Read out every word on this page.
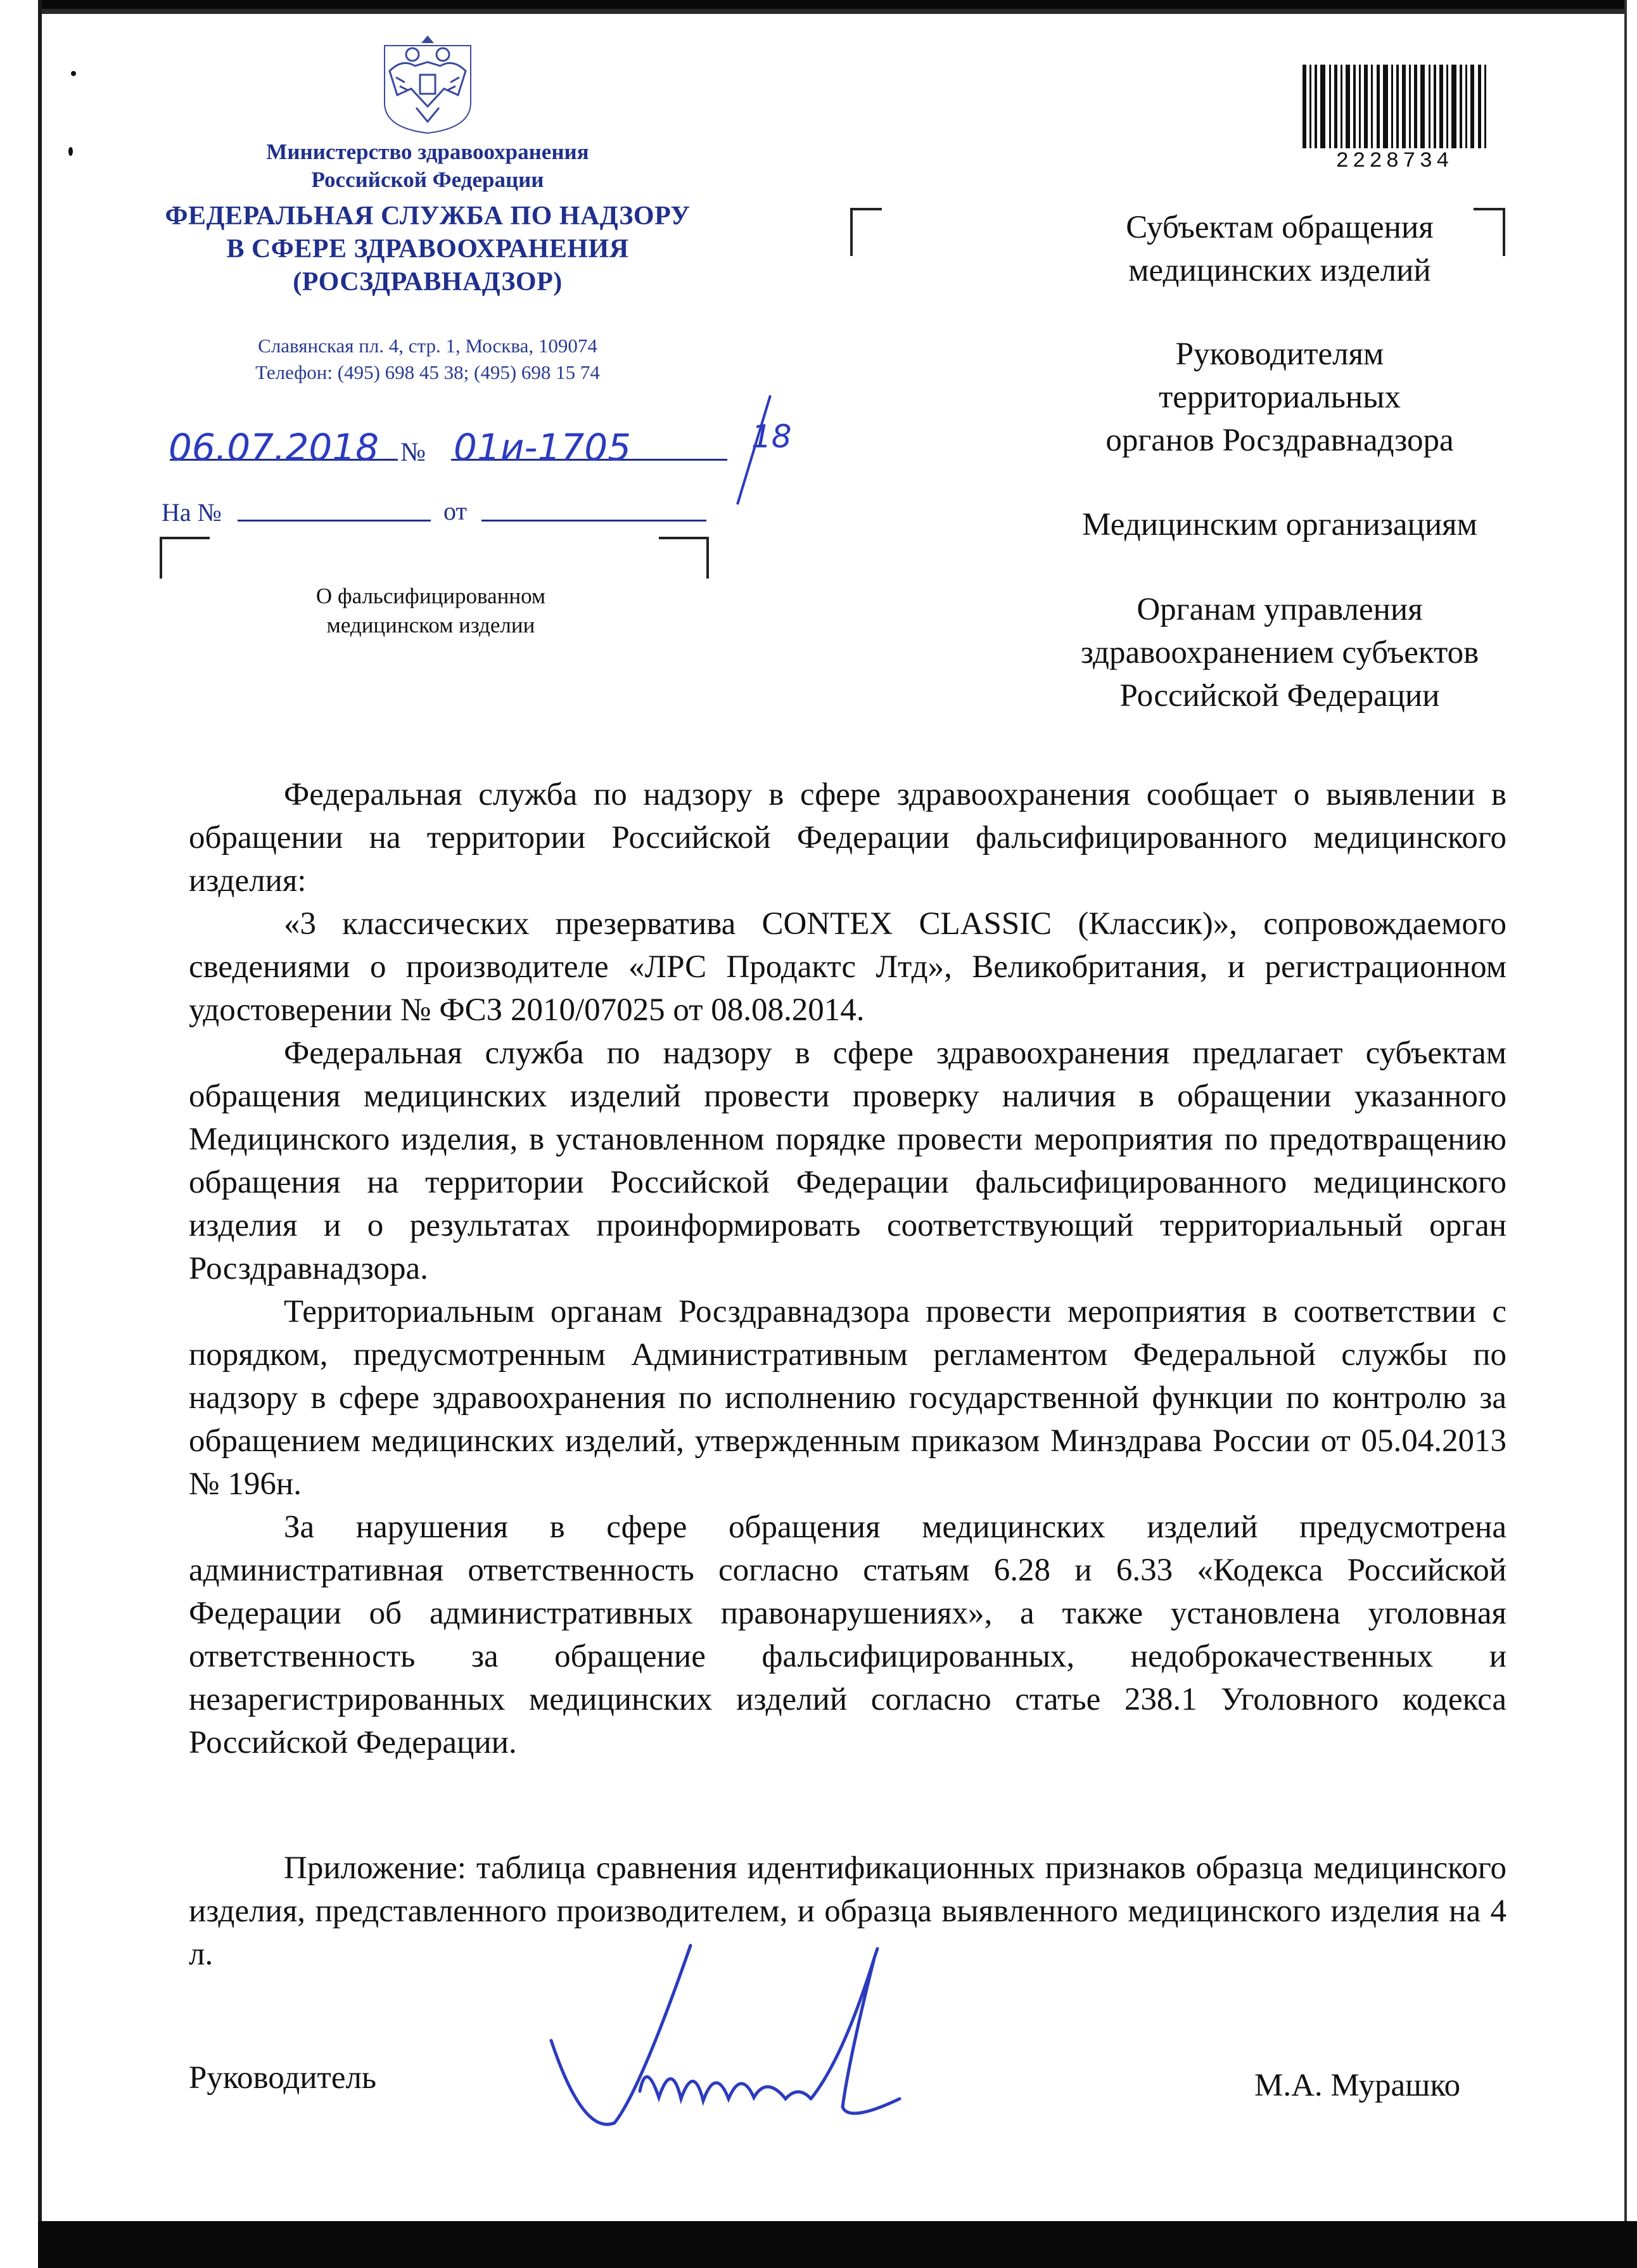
Министерство здравоохранения
Российской Федерации
ФЕДЕРАЛЬНАЯ СЛУЖБА ПО НАДЗОРУ
В СФЕРЕ ЗДРАВООХРАНЕНИЯ
(РОСЗДРАВНАДЗОР)
Славянская пл. 4, стр. 1, Москва, 109074
Телефон: (495) 698 45 38; (495) 698 15 74
06.07.2018 № 01и-1705	18
На №	от
О фальсифицированном
медицинском изделии
2228734
Субъектам обращения
медицинских изделий
Руководителям
территориальных
органов Росздравнадзора
Медицинским организациям
Органам управления
здравоохранением субъектов
Российской Федерации

Федеральная служба по надзору в сфере здравоохранения сообщает о выявлении в обращении на территории Российской Федерации фальсифицированного медицинского изделия:

«3 классических презерватива CONTEX CLASSIC (Классик)», сопровождаемого сведениями о производителе «ЛРС Продактс Лтд», Великобритания, и регистрационном удостоверении № ФСЗ 2010/07025 от 08.08.2014.

Федеральная служба по надзору в сфере здравоохранения предлагает субъектам обращения медицинских изделий провести проверку наличия в обращении указанного Медицинского изделия, в установленном порядке провести мероприятия по предотвращению обращения на территории Российской Федерации фальсифицированного медицинского изделия и о результатах проинформировать соответствующий территориальный орган Росздравнадзора.

Территориальным органам Росздравнадзора провести мероприятия в соответствии с порядком, предусмотренным Административным регламентом Федеральной службы по надзору в сфере здравоохранения по исполнению государственной функции по контролю за обращением медицинских изделий, утвержденным приказом Минздрава России от 05.04.2013 № 196н.

За нарушения в сфере обращения медицинских изделий предусмотрена административная ответственность согласно статьям 6.28 и 6.33 «Кодекса Российской Федерации об административных правонарушениях», а также установлена уголовная ответственность за обращение фальсифицированных, недоброкачественных и незарегистрированных медицинских изделий согласно статье 238.1 Уголовного кодекса Российской Федерации.

Приложение: таблица сравнения идентификационных признаков образца медицинского изделия, представленного производителем, и образца выявленного медицинского изделия на 4 л.

Руководитель	М.А. Мурашко
